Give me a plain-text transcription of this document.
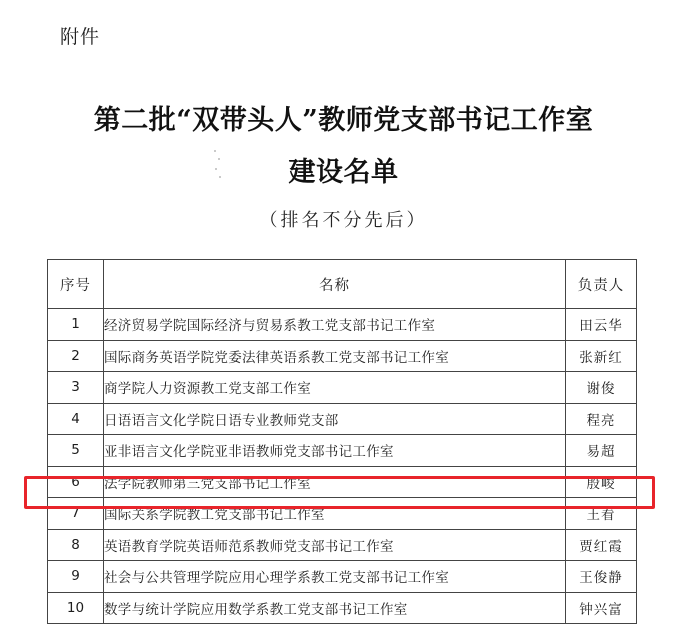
附件
第二批“双带头人”教师党支部书记工作室
建设名单
（排名不分先后）
序号	名称	负责人
1	经济贸易学院国际经济与贸易系教工党支部书记工作室	田云华
2	国际商务英语学院党委法律英语系教工党支部书记工作室	张新红
3	商学院人力资源教工党支部工作室	谢俊
4	日语语言文化学院日语专业教师党支部	程亮
5	亚非语言文化学院亚非语教师党支部书记工作室	易超
6	法学院教师第三党支部书记工作室	殷峻
7	国际关系学院教工党支部书记工作室	王看
8	英语教育学院英语师范系教师党支部书记工作室	贾红霞
9	社会与公共管理学院应用心理学系教工党支部书记工作室	王俊静
10	数学与统计学院应用数学系教工党支部书记工作室	钟兴富
